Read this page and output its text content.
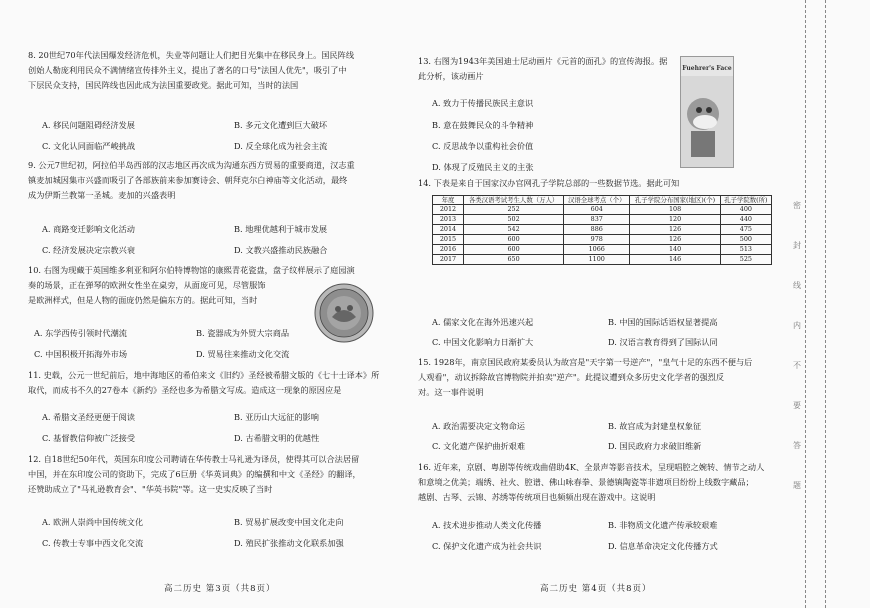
8. 20世纪70年代法国爆发经济危机，失业等问题让人们把目光集中在移民身上。国民阵线

创始人勒庞利用民众不满情绪宣传排外主义，提出了著名的口号"法国人优先"，吸引了中

下层民众支持，国民阵线也因此成为法国重要政党。据此可知，当时的法国

A. 移民问题阻碍经济发展	B. 多元文化遭到巨大破坏
C. 文化认同面临严峻挑战	D. 反全球化成为社会主流

9. 公元7世纪初，阿拉伯半岛西部的汉志地区再次成为沟通东西方贸易的重要商道，汉志重

镇麦加城因集市兴盛而吸引了各部族前来参加赛诗会、朝拜克尔白神庙等文化活动，最终

成为伊斯兰教第一圣城。麦加的兴盛表明

A. 商路变迁影响文化活动	B. 地理优越利于城市发展
C. 经济发展决定宗教兴衰	D. 文教兴盛推动民族融合

10. 右图为现藏于英国维多利亚和阿尔伯特博物馆的康熙青花瓷盘，盘子纹样展示了庭园演

奏的场景，正在弹琴的欧洲女性坐在桌旁，从面庞可见，尽管服饰

是欧洲样式，但是人物的面庞仍然是偏东方的。据此可知，当时

A. 东学西传引领时代潮流	B. 瓷器成为外贸大宗商品
C. 中国积极开拓海外市场	D. 贸易往来推动文化交流

11. 史载，公元一世纪前后，地中海地区的希伯来文《旧约》圣经被希腊文版的《七十士译本》所

取代，而成书不久的27卷本《新约》圣经也多为希腊文写成。造成这一现象的原因应是

A. 希腊文圣经更便于阅读	B. 亚历山大远征的影响
C. 基督教信仰被广泛接受	D. 古希腊文明的优越性

12. 自18世纪50年代，英国东印度公司聘请在华传教士马礼逊为译员，使得其可以合法居留

中国，并在东印度公司的资助下，完成了6巨册《华英词典》的编撰和中文《圣经》的翻译，

还赞助成立了"马礼逊教育会"、"华英书院"等。这一史实反映了当时

A. 欧洲人崇尚中国传统文化	B. 贸易扩展改变中国文化走向
C. 传教士专事中西文化交流	D. 殖民扩张推动文化联系加强
高二历史 第3页（共8页）

13. 右图为1943年美国迪士尼动画片《元首的面孔》的宣传海报。据

此分析，该动画片

Fuehrer's Face
A. 致力于传播民族民主意识
B. 意在鼓舞民众的斗争精神
C. 反思战争以重构社会价值
D. 体现了反殖民主义的主张

14. 下表是来自于国家汉办官网孔子学院总部的一些数据节选。据此可知

年度	各类汉语考试考生人数（万人）	汉语全球考点（个）	孔子学院分布国家(地区)(个)	孔子学院数(所)
2012	252	604	108	400
2013	502	837	120	440
2014	542	886	126	475
2015	600	978	126	500
2016	600	1066	140	513
2017	650	1100	146	525
A. 儒家文化在海外迅速兴起	B. 中国的国际话语权显著提高
C. 中国文化影响力日渐扩大	D. 汉语言教育得到了国际认同

15. 1928年，南京国民政府某委员认为故宫是"天字第一号逆产"，"皇气十足的东西不便与后

人观看"，动议拆除故宫博物院并拍卖"逆产"。此提议遭到众多历史文化学者的强烈反

对。这一事件说明

A. 政治需要决定文物命运	B. 故宫成为封建皇权象征
C. 文化遗产保护曲折艰难	D. 国民政府力求破旧维新

16. 近年来，京剧、粤剧等传统戏曲借助4K、全景声等影音技术，呈现唱腔之婉转、情节之动人

和意境之优美；端绣、社火、腔谱、佛山咏春拳、景德镇陶瓷等非遗项目纷纷上线数字藏品；

越剧、古琴、云锦、苏绣等传统项目也频频出现在游戏中。这说明

A. 技术进步推动人类文化传播	B. 非物质文化遗产传承较艰难
C. 保护文化遗产成为社会共识	D. 信息革命决定文化传播方式
高二历史 第4页（共8页）
密
封
线
内
不
要
答
题
